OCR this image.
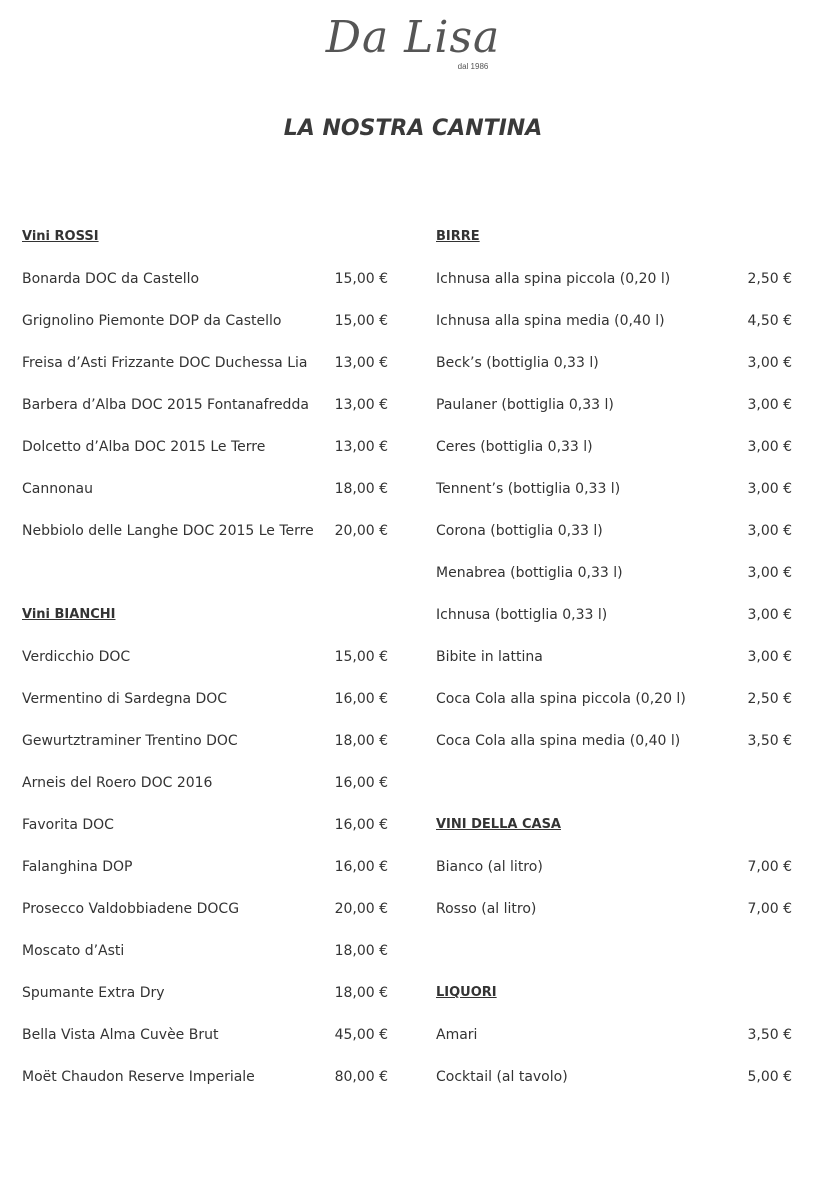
Da Lisa
dal 1986
LA NOSTRA CANTINA
Vini ROSSI
Bonarda DOC da Castello	15,00 €
Grignolino Piemonte DOP da Castello	15,00 €
Freisa d’Asti Frizzante DOC Duchessa Lia 13,00 €
Barbera d’Alba DOC 2015 Fontanafredda 13,00 €
Dolcetto d’Alba DOC 2015 Le Terre	13,00 €
Cannonau	18,00 €
Nebbiolo delle Langhe DOC 2015 Le Terre 20,00 €
Vini BIANCHI
Verdicchio DOC	15,00 €
Vermentino di Sardegna DOC	16,00 €
Gewurtztraminer Trentino DOC	18,00 €
Arneis del Roero DOC 2016	16,00 €
Favorita DOC	16,00 €
Falanghina DOP	16,00 €
Prosecco Valdobbiadene DOCG	20,00 €
Moscato d’Asti	18,00 €
Spumante Extra Dry	18,00 €
Bella Vista Alma Cuvèe Brut	45,00 €
Moët Chaudon Reserve Imperiale	80,00 €
BIRRE
Ichnusa alla spina piccola (0,20 l)	2,50 €
Ichnusa alla spina media (0,40 l)	4,50 €
Beck’s (bottiglia 0,33 l)	3,00 €
Paulaner (bottiglia 0,33 l)	3,00 €
Ceres (bottiglia 0,33 l)	3,00 €
Tennent’s (bottiglia 0,33 l)	3,00 €
Corona (bottiglia 0,33 l)	3,00 €
Menabrea (bottiglia 0,33 l)	3,00 €
Ichnusa (bottiglia 0,33 l)	3,00 €
Bibite in lattina	3,00 €
Coca Cola alla spina piccola (0,20 l)	2,50 €
Coca Cola alla spina media (0,40 l)	3,50 €
VINI DELLA CASA
Bianco (al litro)	7,00 €
Rosso (al litro)	7,00 €
LIQUORI
Amari	3,50 €
Cocktail (al tavolo)	5,00 €
